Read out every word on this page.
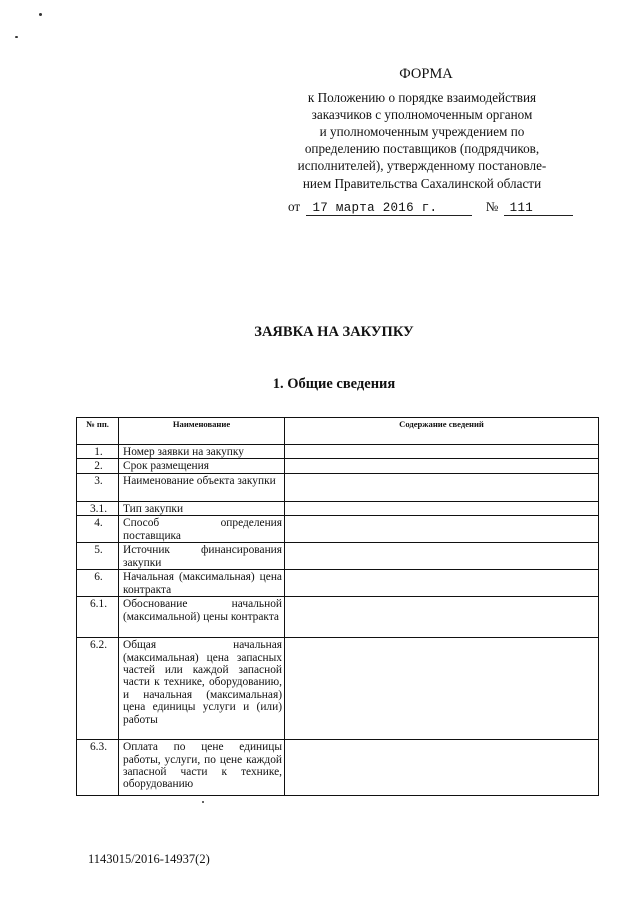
ФОРМА
к Положению о порядке взаимодействия
заказчиков с уполномоченным органом
и уполномоченным учреждением по
определению поставщиков (подрядчиков,
исполнителей), утвержденному постановле-
нием Правительства Сахалинской области
от 17 марта 2016 г.	№ 111
ЗАЯВКА НА ЗАКУПКУ
1. Общие сведения
№ пп.	Наименование	Содержание сведений
1.	Номер заявки на закупку	
2.	Срок размещения	
3.	Наименование объекта закупки	
3.1.	Тип закупки	
4.	Способ определения поставщика	
5.	Источник финансирования закупки	
6.	Начальная (максимальная) цена контракта	
6.1.	Обоснование начальной (максимальной) цены контракта	
6.2.	Общая начальная (максимальная) цена запасных частей или каждой запасной части к технике, оборудованию, и начальная (максимальная) цена единицы услуги и (или) работы	
6.3.	Оплата по цене единицы работы, услуги, по цене каждой запасной части к технике, оборудованию	
1143015/2016-14937(2)
